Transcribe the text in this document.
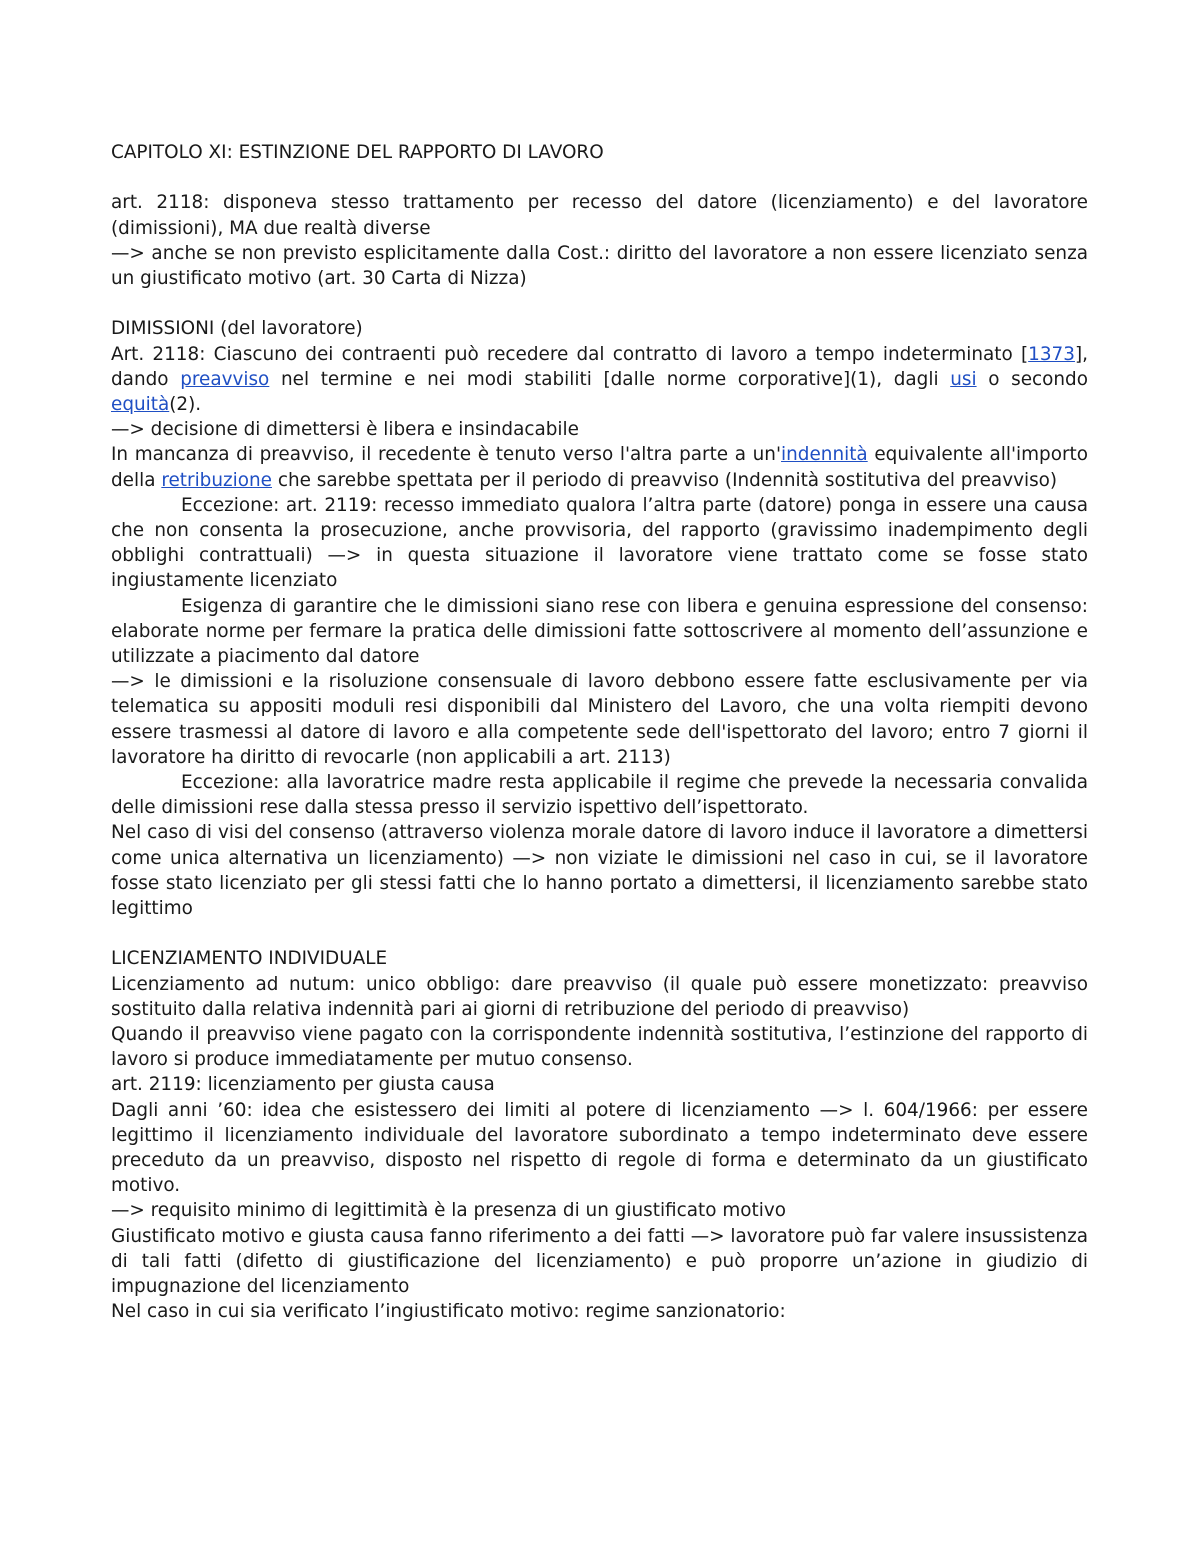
CAPITOLO XI: ESTINZIONE DEL RAPPORTO DI LAVORO

art. 2118: disponeva stesso trattamento per recesso del datore (licenziamento) e del lavoratore (dimissioni), MA due realtà diverse

—> anche se non previsto esplicitamente dalla Cost.: diritto del lavoratore a non essere licenziato senza un giustificato motivo (art. 30 Carta di Nizza)

DIMISSIONI (del lavoratore)

Art. 2118: Ciascuno dei contraenti può recedere dal contratto di lavoro a tempo indeterminato [1373], dando preavviso nel termine e nei modi stabiliti [dalle norme corporative](1), dagli usi o secondo equità(2).

—> decisione di dimettersi è libera e insindacabile

In mancanza di preavviso, il recedente è tenuto verso l'altra parte a un'indennità equivalente all'importo della retribuzione che sarebbe spettata per il periodo di preavviso (Indennità sostitutiva del preavviso)

Eccezione: art. 2119: recesso immediato qualora l’altra parte (datore) ponga in essere una causa che non consenta la prosecuzione, anche provvisoria, del rapporto (gravissimo inadempimento degli obblighi contrattuali) —> in questa situazione il lavoratore viene trattato come se fosse stato ingiustamente licenziato

Esigenza di garantire che le dimissioni siano rese con libera e genuina espressione del consenso: elaborate norme per fermare la pratica delle dimissioni fatte sottoscrivere al momento dell’assunzione e utilizzate a piacimento dal datore

—> le dimissioni e la risoluzione consensuale di lavoro debbono essere fatte esclusivamente per via telematica su appositi moduli resi disponibili dal Ministero del Lavoro, che una volta riempiti devono essere trasmessi al datore di lavoro e alla competente sede dell'ispettorato del lavoro; entro 7 giorni il lavoratore ha diritto di revocarle (non applicabili a art. 2113)

Eccezione: alla lavoratrice madre resta applicabile il regime che prevede la necessaria convalida delle dimissioni rese dalla stessa presso il servizio ispettivo dell’ispettorato.

Nel caso di visi del consenso (attraverso violenza morale datore di lavoro induce il lavoratore a dimettersi come unica alternativa un licenziamento) —> non viziate le dimissioni nel caso in cui, se il lavoratore fosse stato licenziato per gli stessi fatti che lo hanno portato a dimettersi, il licenziamento sarebbe stato legittimo

LICENZIAMENTO INDIVIDUALE

Licenziamento ad nutum: unico obbligo: dare preavviso (il quale può essere monetizzato: preavviso sostituito dalla relativa indennità pari ai giorni di retribuzione del periodo di preavviso)

Quando il preavviso viene pagato con la corrispondente indennità sostitutiva, l’estinzione del rapporto di lavoro si produce immediatamente per mutuo consenso.

art. 2119: licenziamento per giusta causa

Dagli anni ’60: idea che esistessero dei limiti al potere di licenziamento —> l. 604/1966: per essere legittimo il licenziamento individuale del lavoratore subordinato a tempo indeterminato deve essere preceduto da un preavviso, disposto nel rispetto di regole di forma e determinato da un giustificato motivo.

—> requisito minimo di legittimità è la presenza di un giustificato motivo

Giustificato motivo e giusta causa fanno riferimento a dei fatti —> lavoratore può far valere insussistenza di tali fatti (difetto di giustificazione del licenziamento) e può proporre un’azione in giudizio di impugnazione del licenziamento

Nel caso in cui sia verificato l’ingiustificato motivo: regime sanzionatorio:
